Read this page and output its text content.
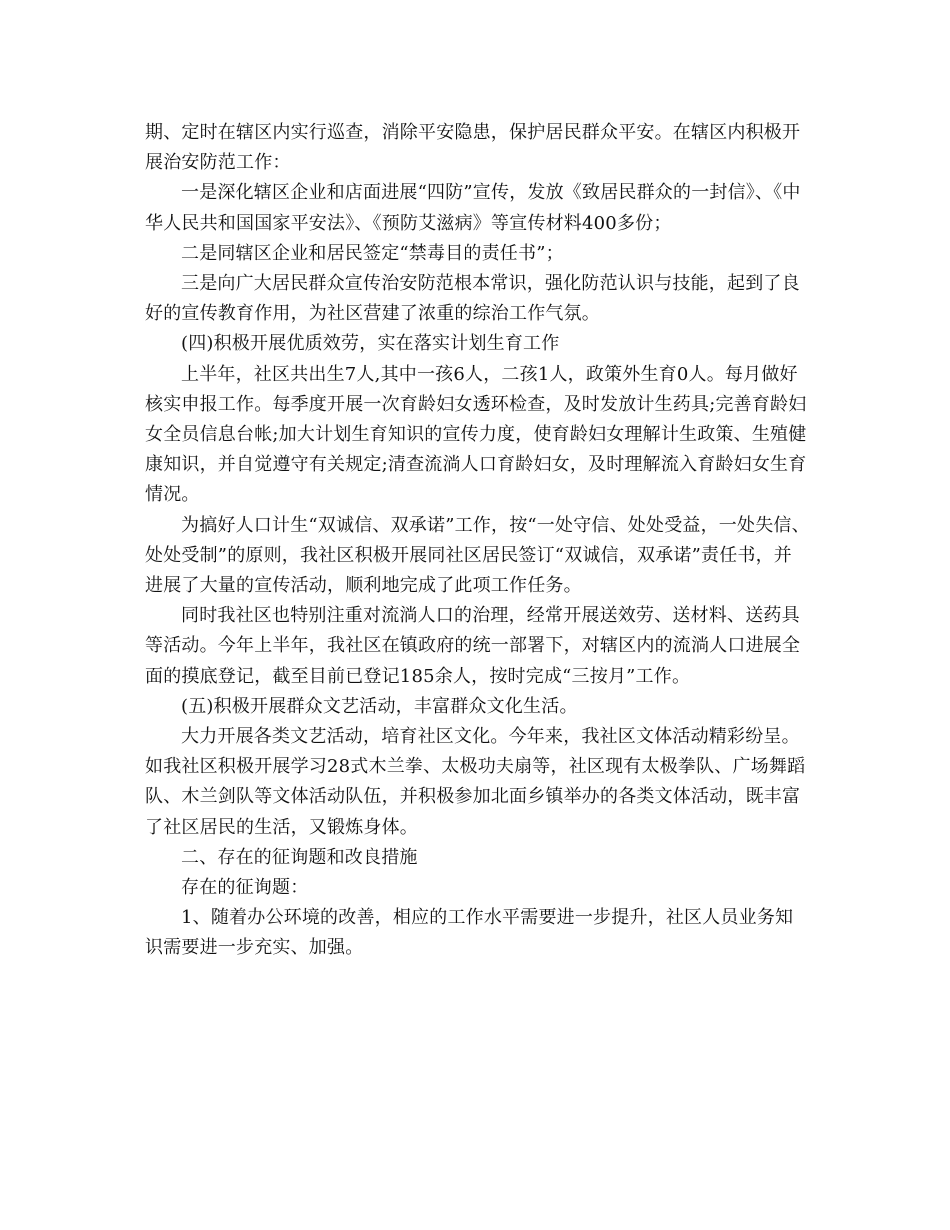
期、定时在辖区内实行巡查，消除平安隐患，保护居民群众平安。在辖区内积极开展治安防范工作：

一是深化辖区企业和店面进展“四防”宣传，发放《致居民群众的一封信》、《中华人民共和国国家平安法》、《预防艾滋病》等宣传材料400多份；

二是同辖区企业和居民签定“禁毒目的责任书”；

三是向广大居民群众宣传治安防范根本常识，强化防范认识与技能，起到了良好的宣传教育作用，为社区营建了浓重的综治工作气氛。

(四)积极开展优质效劳，实在落实计划生育工作

上半年，社区共出生7人,其中一孩6人，二孩1人，政策外生育0人。每月做好核实申报工作。每季度开展一次育龄妇女透环检查，及时发放计生药具;完善育龄妇女全员信息台帐;加大计划生育知识的宣传力度，使育龄妇女理解计生政策、生殖健康知识，并自觉遵守有关规定;清查流淌人口育龄妇女，及时理解流入育龄妇女生育情况。

为搞好人口计生“双诚信、双承诺”工作，按“一处守信、处处受益，一处失信、处处受制”的原则，我社区积极开展同社区居民签订“双诚信，双承诺”责任书，并进展了大量的宣传活动，顺利地完成了此项工作任务。

同时我社区也特别注重对流淌人口的治理，经常开展送效劳、送材料、送药具等活动。今年上半年，我社区在镇政府的统一部署下，对辖区内的流淌人口进展全面的摸底登记，截至目前已登记185余人，按时完成“三按月”工作。

(五)积极开展群众文艺活动，丰富群众文化生活。

大力开展各类文艺活动，培育社区文化。今年来，我社区文体活动精彩纷呈。如我社区积极开展学习28式木兰拳、太极功夫扇等，社区现有太极拳队、广场舞蹈队、木兰剑队等文体活动队伍，并积极参加北面乡镇举办的各类文体活动，既丰富了社区居民的生活，又锻炼身体。

二、存在的征询题和改良措施

存在的征询题：

1、随着办公环境的改善，相应的工作水平需要进一步提升，社区人员业务知识需要进一步充实、加强。
